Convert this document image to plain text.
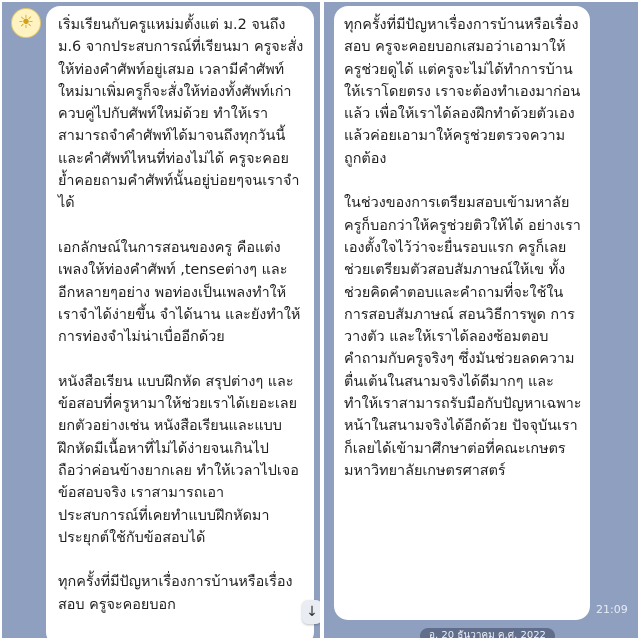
☀	เริ่มเรียนกับครูแหม่มตั้งแต่ ม.2 จนถึง ม.6 จากประสบการณ์ที่เรียนมา ครูจะสั่งให้ท่องคำศัพท์อยู่เสมอ เวลามีคำศัพท์ใหม่มาเพิ่มครูก็จะสั่งให้ท่องทั้งศัพท์เก่าควบคู่ไปกับศัพท์ใหม่ด้วย ทำให้เราสามารถจำคำศัพท์ได้มาจนถึงทุกวันนี้ และคำศัพท์ไหนที่ท่องไม่ได้ ครูจะคอยย้ำคอยถามคำศัพท์นั้นอยู่บ่อยๆจนเราจำได้

เอกลักษณ์ในการสอนของครู คือแต่งเพลงให้ท่องคำศัพท์ ,tenseต่างๆ และอีกหลายๆอย่าง พอท่องเป็นเพลงทำให้เราจำได้ง่ายขึ้น จำได้นาน และยังทำให้การท่องจำไม่น่าเบื่ออีกด้วย

หนังสือเรียน แบบฝึกหัด สรุปต่างๆ และข้อสอบที่ครูหามาให้ช่วยเราได้เยอะเลย ยกตัวอย่างเช่น หนังสือเรียนและแบบฝึกหัดมีเนื้อหาที่ไม่ได้ง่ายจนเกินไป ถือว่าค่อนข้างยากเลย ทำให้เวลาไปเจอข้อสอบจริง เราสามารถเอาประสบการณ์ที่เคยทำแบบฝึกหัดมาประยุกต์ใช้กับข้อสอบได้

ทุกครั้งที่มีปัญหาเรื่องการบ้านหรือเรื่องสอบ ครูจะคอยบอก	↓

ทุกครั้งที่มีปัญหาเรื่องการบ้านหรือเรื่องสอบ ครูจะคอยบอกเสมอว่าเอามาให้ครูช่วยดูได้ แต่ครูจะไม่ได้ทำการบ้านให้เราโดยตรง เราจะต้องทำเองมาก่อนแล้ว เพื่อให้เราได้ลองฝึกทำด้วยตัวเอง แล้วค่อยเอามาให้ครูช่วยตรวจความถูกต้อง

ในช่วงของการเตรียมสอบเข้ามหาลัย ครูก็บอกว่าให้ครูช่วยติวให้ได้ อย่างเราเองตั้งใจไว้ว่าจะยื่นรอบแรก ครูก็เลยช่วยเตรียมตัวสอบสัมภาษณ์ให้เข ทั้งช่วยคิดคำตอบและคำถามที่จะใช้ในการสอบสัมภาษณ์ สอนวิธีการพูด การวางตัว และให้เราได้ลองซ้อมตอบคำถามกับครูจริงๆ ซึ่งมันช่วยลดความตื่นเต้นในสนามจริงได้ดีมากๆ และทำให้เราสามารถรับมือกับปัญหาเฉพาะหน้าในสนามจริงได้อีกด้วย ปัจจุบันเราก็เลยได้เข้ามาศึกษาต่อที่คณะเกษตร มหาวิทยาลัยเกษตรศาสตร์

21:09
อ. 20 ธันวาคม ค.ศ. 2022
